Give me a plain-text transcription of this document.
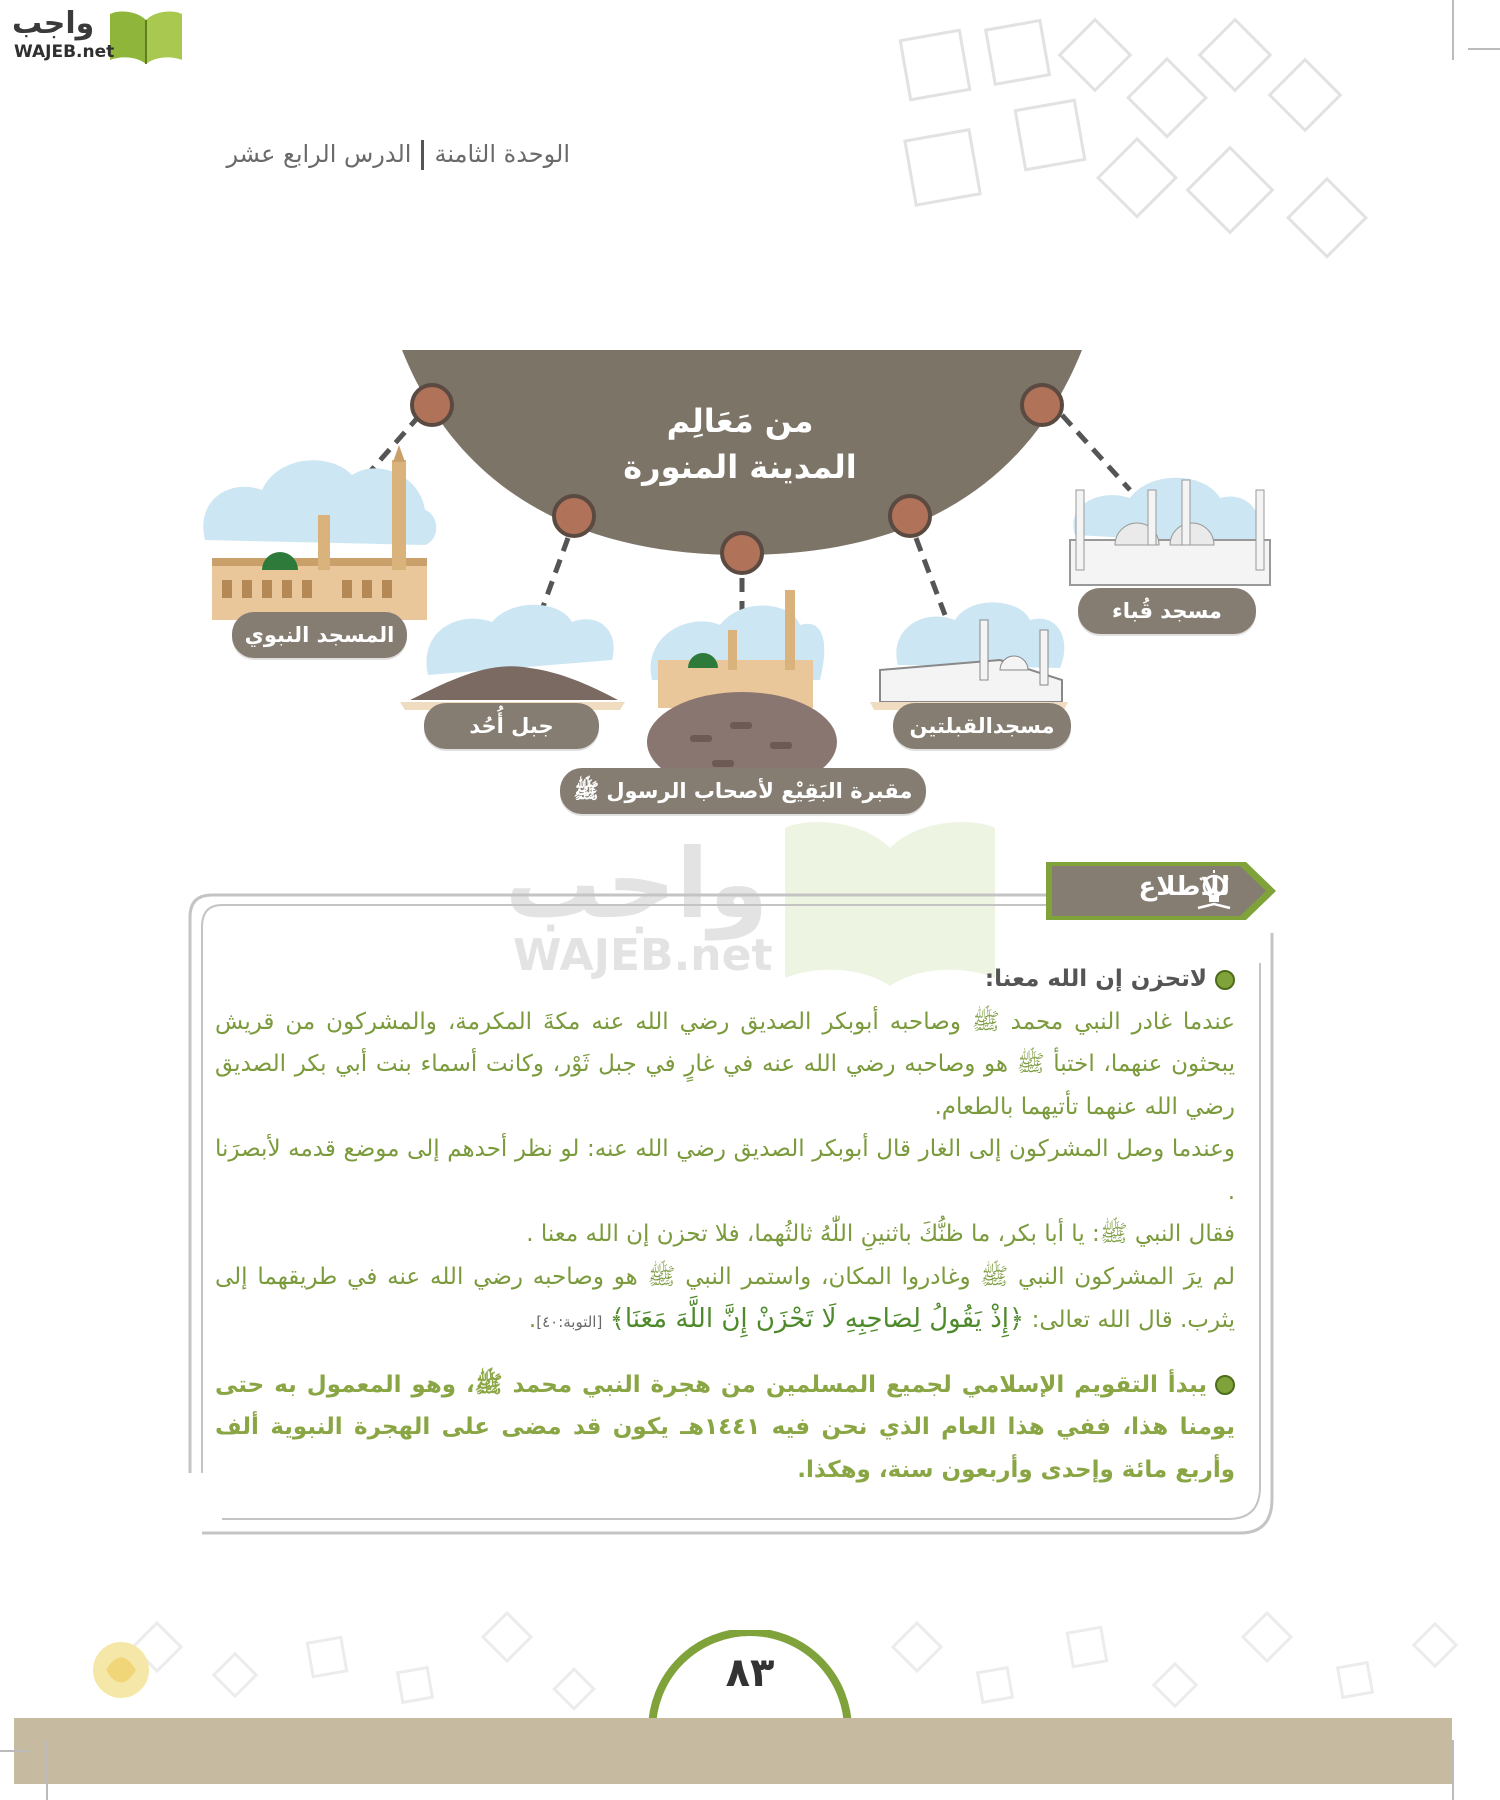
واجب
WAJEB.net
الوحدة الثامنةالدرس الرابع عشر
من مَعَالِم
المدينة المنورة
المسجد النبوي
جبل أُحُد
مقبرة البَقِيْع لأصحاب الرسول ﷺ
مسجدالقبلتين
مسجد قُباء
واجب
WAJEB.net
للاطلاع

لاتحزن إن الله معنا:

عندما غادر النبي محمد ﷺ وصاحبه أبوبكر الصديق رضي الله عنه مكةَ المكرمة، والمشركون من قريش يبحثون عنهما، اختبأ ﷺ هو وصاحبه رضي الله عنه في غارٍ في جبل ثَوْر، وكانت أسماء بنت أبي بكر الصديق رضي الله عنهما تأتيهما بالطعام.

وعندما وصل المشركون إلى الغار قال أبوبكر الصديق رضي الله عنه: لو نظر أحدهم إلى موضع قدمه لأبصرَنا .

فقال النبي ﷺ: يا أبا بكر، ما ظنُّكَ باثنينِ اللّٰهُ ثالثُهما، فلا تحزن إن الله معنا .

لم يرَ المشركون النبي ﷺ وغادروا المكان، واستمر النبي ﷺ هو وصاحبه رضي الله عنه في طريقهما إلى يثرب. قال الله تعالى: ﴿إِذْ يَقُولُ لِصَاحِبِهِ لَا تَحْزَنْ إِنَّ اللَّهَ مَعَنَا﴾ [التوبة:٤٠].

يبدأ التقويم الإسلامي لجميع المسلمين من هجرة النبي محمد ﷺ، وهو المعمول به حتى يومنا هذا، ففي هذا العام الذي نحن فيه ١٤٤١هـ يكون قد مضى على الهجرة النبوية ألف وأربع مائة وإحدى وأربعون سنة، وهكذا.

٨٣
